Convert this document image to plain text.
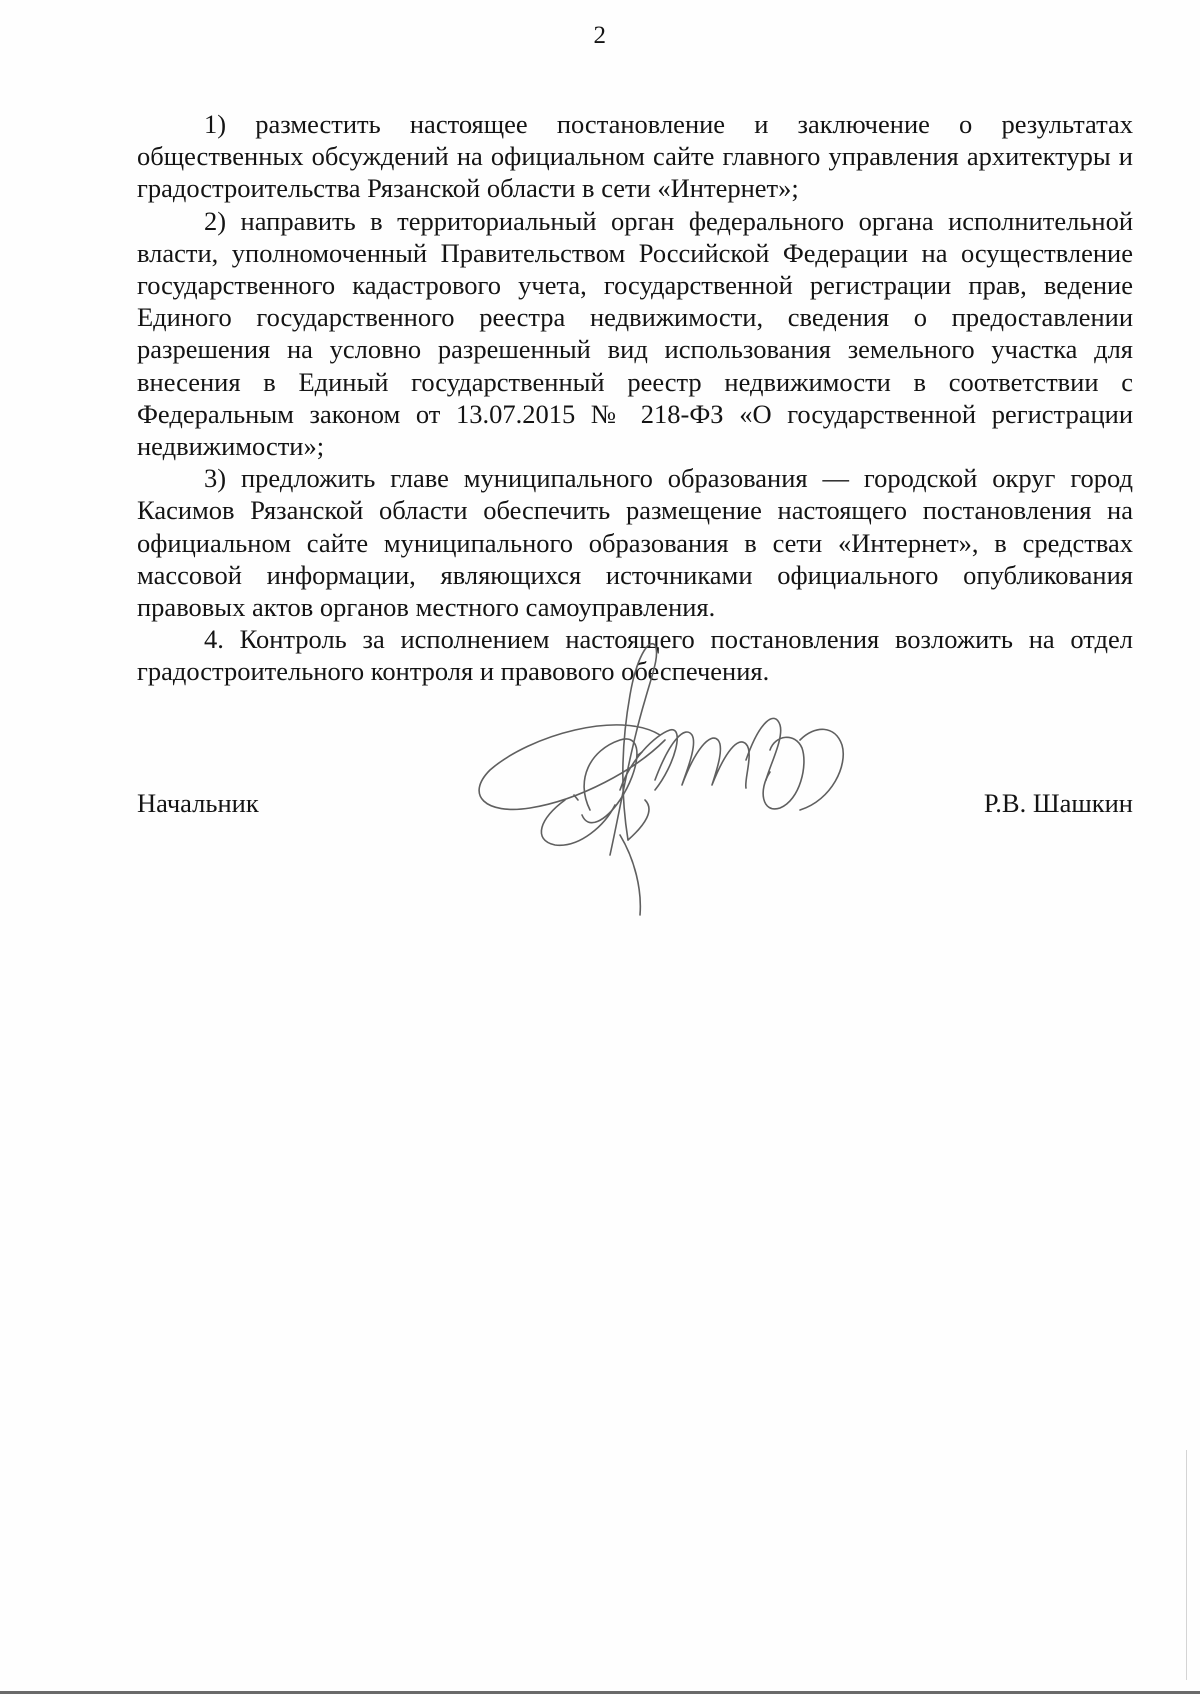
2

1) разместить настоящее постановление и заключение о результатах общественных обсуждений на официальном сайте главного управления архитектуры и градостроительства Рязанской области в сети «Интернет»;

2) направить в территориальный орган федерального органа исполнительной власти, уполномоченный Правительством Российской Федерации на осуществление государственного кадастрового учета, государственной регистрации прав, ведение Единого государственного реестра недвижимости, сведения о предоставлении разрешения на условно разрешенный вид использования земельного участка для внесения в Единый государственный реестр недвижимости в соответствии с Федеральным законом от 13.07.2015 № 218-ФЗ «О государственной регистрации недвижимости»;

3) предложить главе муниципального образования — городской округ город Касимов Рязанской области обеспечить размещение настоящего постановления на официальном сайте муниципального образования в сети «Интернет», в средствах массовой информации, являющихся источниками официального опубликования правовых актов органов местного самоуправления.

4. Контроль за исполнением настоящего постановления возложить на отдел градостроительного контроля и правового обеспечения.

Начальник	Р.В. Шашкин
